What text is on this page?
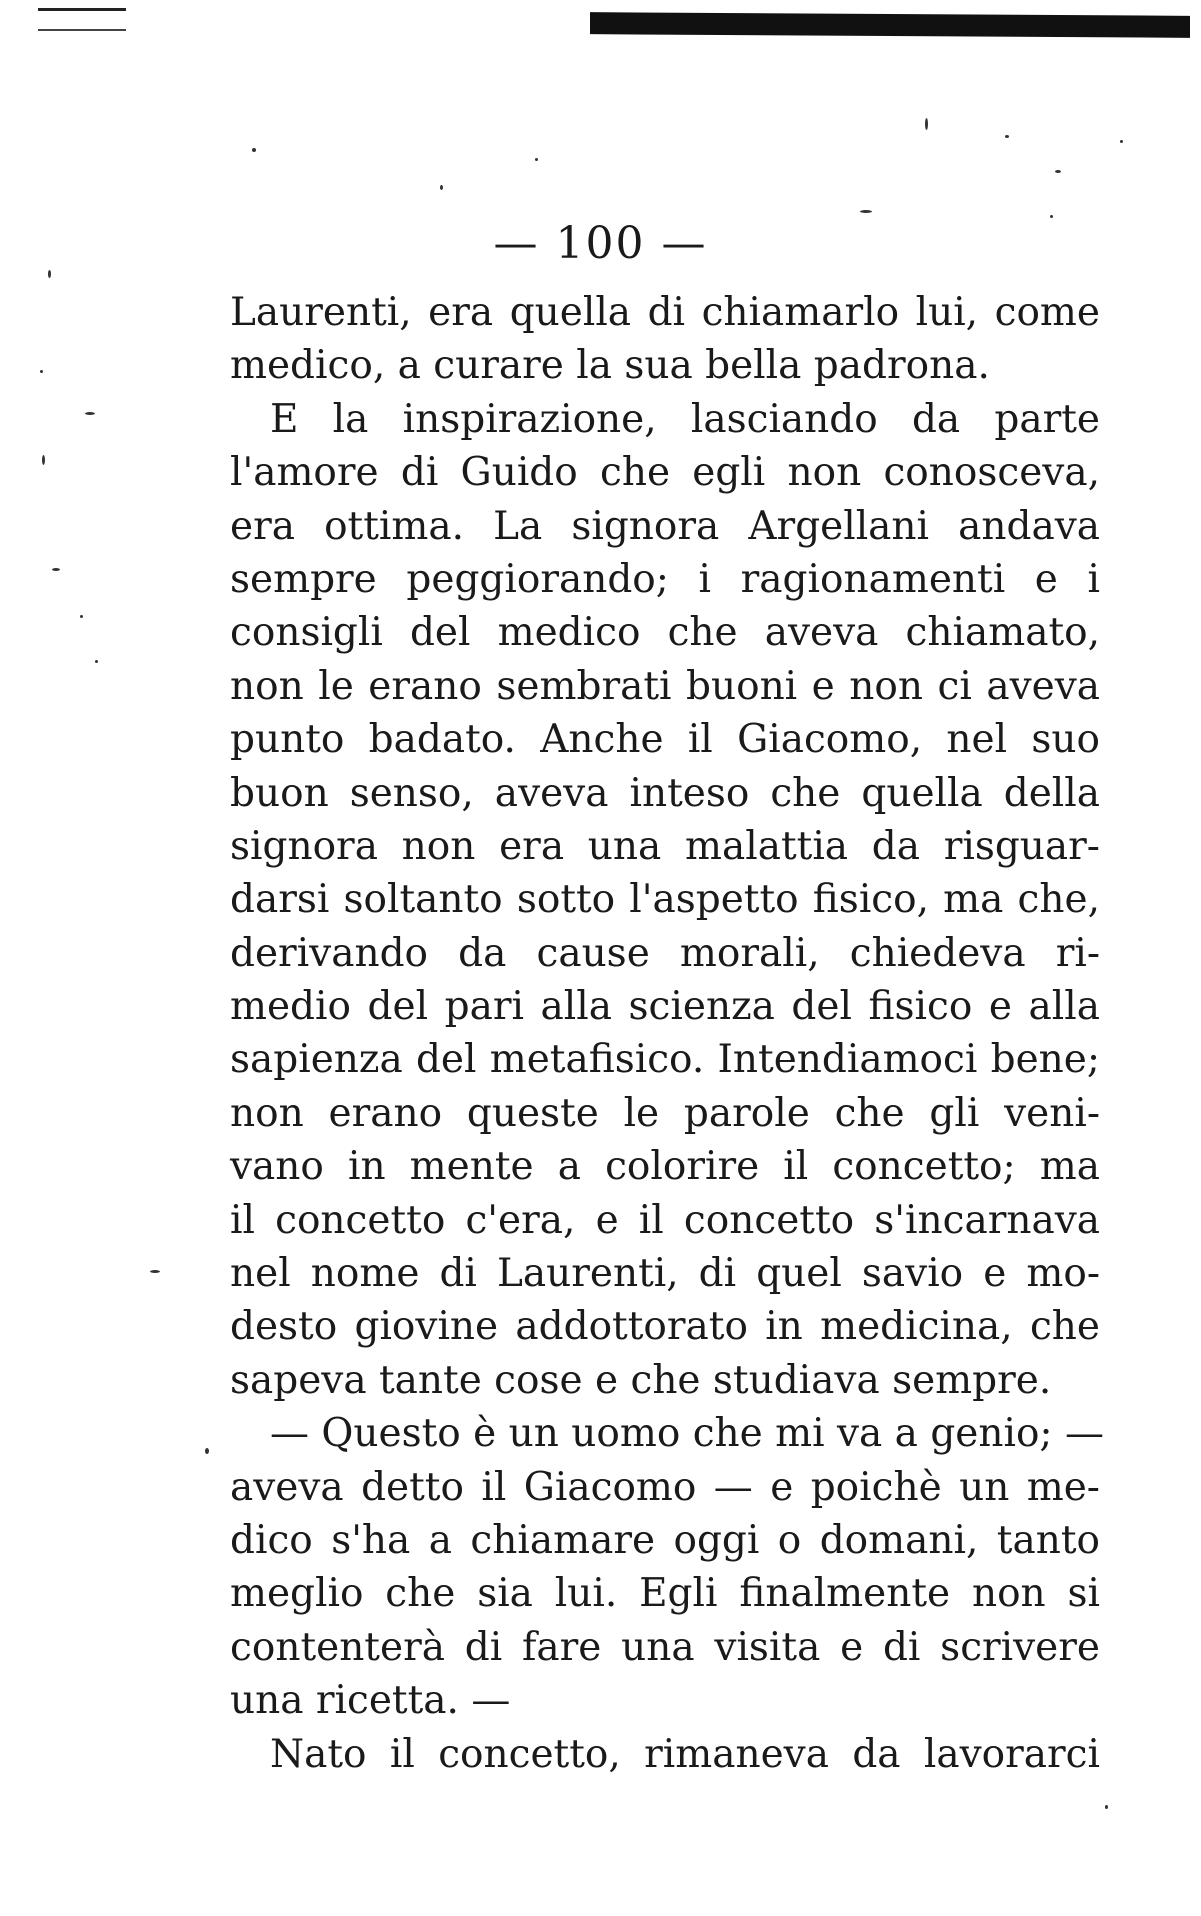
— 100 —
Laurenti, era quella di chiamarlo lui, come
medico, a curare la sua bella padrona.
E la inspirazione, lasciando da parte
l'amore di Guido che egli non conosceva,
era ottima. La signora Argellani andava
sempre peggiorando; i ragionamenti e i
consigli del medico che aveva chiamato,
non le erano sembrati buoni e non ci aveva
punto badato. Anche il Giacomo, nel suo
buon senso, aveva inteso che quella della
signora non era una malattia da risguar-
darsi soltanto sotto l'aspetto fisico, ma che,
derivando da cause morali, chiedeva ri-
medio del pari alla scienza del fisico e alla
sapienza del metafisico. Intendiamoci bene;
non erano queste le parole che gli veni-
vano in mente a colorire il concetto; ma
il concetto c'era, e il concetto s'incarnava
nel nome di Laurenti, di quel savio e mo-
desto giovine addottorato in medicina, che
sapeva tante cose e che studiava sempre.
— Questo è un uomo che mi va a genio; —
aveva detto il Giacomo — e poichè un me-
dico s'ha a chiamare oggi o domani, tanto
meglio che sia lui. Egli finalmente non si
contenterà di fare una visita e di scrivere
una ricetta. —
Nato il concetto, rimaneva da lavorarci
